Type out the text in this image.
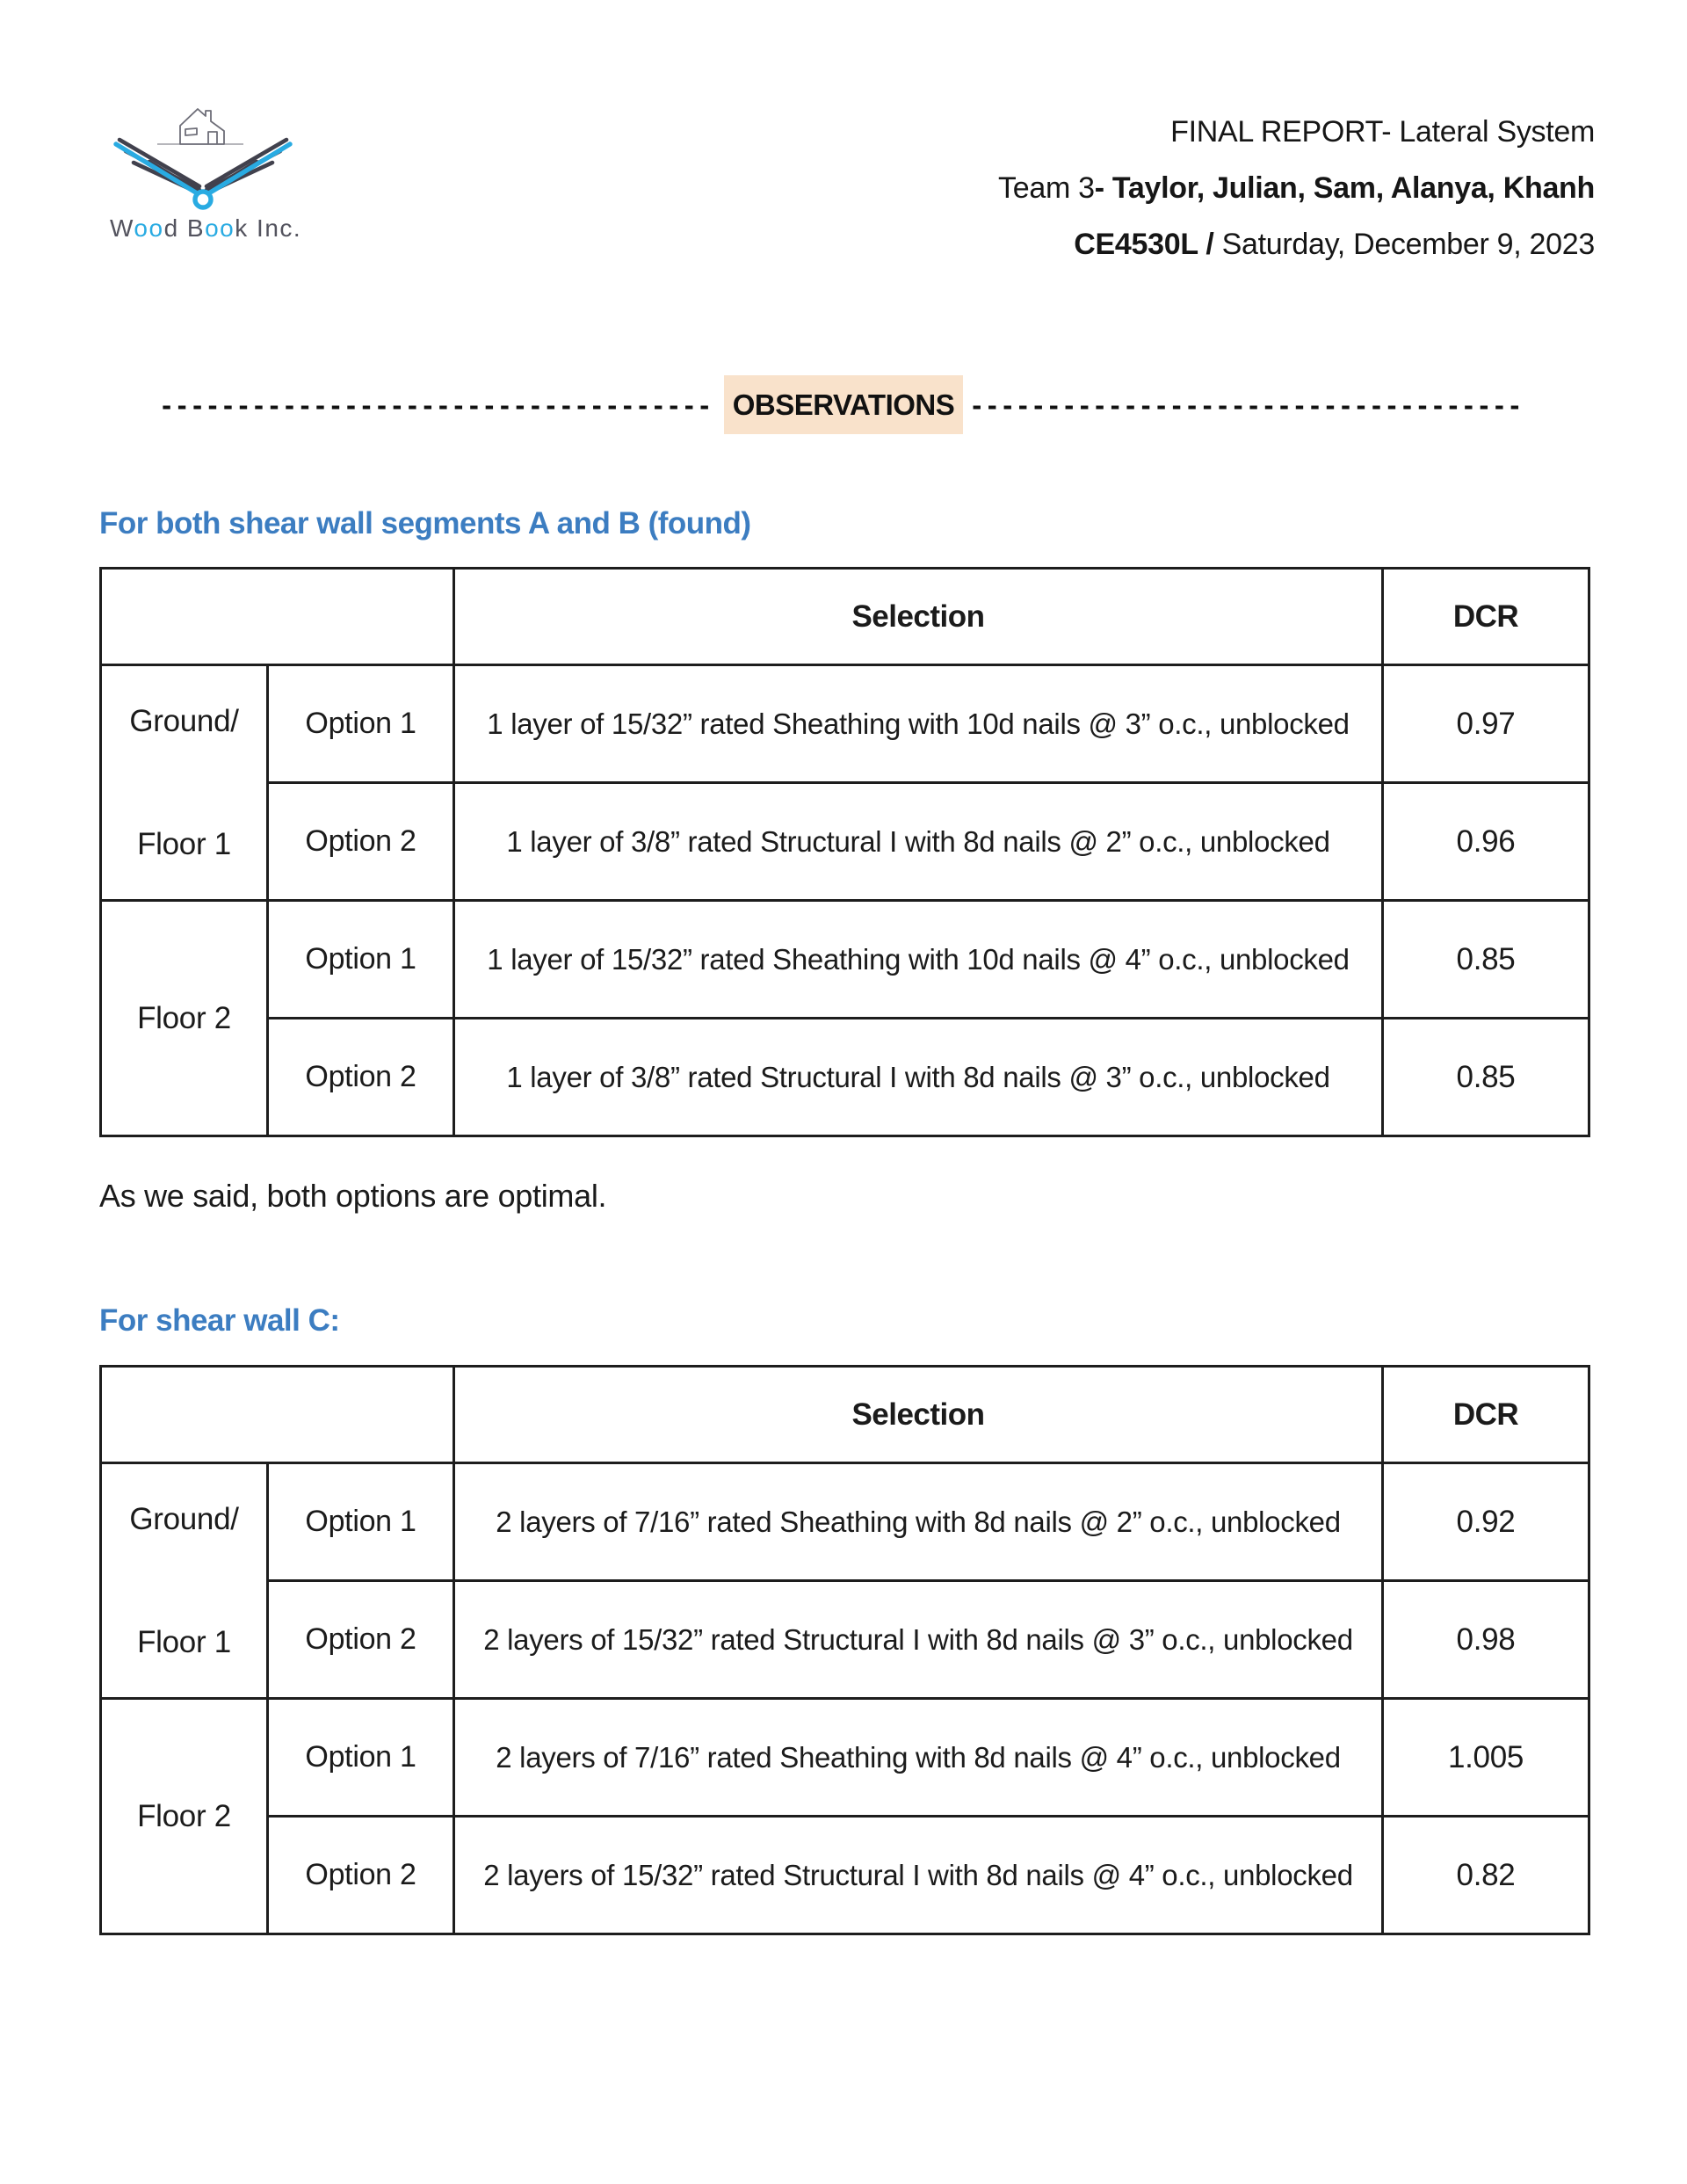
Wood Book Inc.
FINAL REPORT- Lateral System
Team 3- Taylor, Julian, Sam, Alanya, Khanh
CE4530L / Saturday, December 9, 2023
------------------------------------ OBSERVATIONS ------------------------------------
For both shear wall segments A and B (found)
		Selection	DCR

Ground/
Floor 1	Option 1	1 layer of 15/32” rated Sheathing with 10d nails @ 3” o.c., unblocked	0.97
	Option 2	1 layer of 3/8” rated Structural I with 8d nails @ 2” o.c., unblocked	0.96

Floor 2	Option 1	1 layer of 15/32” rated Sheathing with 10d nails @ 4” o.c., unblocked	0.85
	Option 2	1 layer of 3/8” rated Structural I with 8d nails @ 3” o.c., unblocked	0.85
As we said, both options are optimal.
For shear wall C:
		Selection	DCR

Ground/
Floor 1	Option 1	2 layers of 7/16” rated Sheathing with 8d nails @ 2” o.c., unblocked	0.92
	Option 2	2 layers of 15/32” rated Structural I with 8d nails @ 3” o.c., unblocked	0.98

Floor 2	Option 1	2 layers of 7/16” rated Sheathing with 8d nails @ 4” o.c., unblocked	1.005
	Option 2	2 layers of 15/32” rated Structural I with 8d nails @ 4” o.c., unblocked	0.82
